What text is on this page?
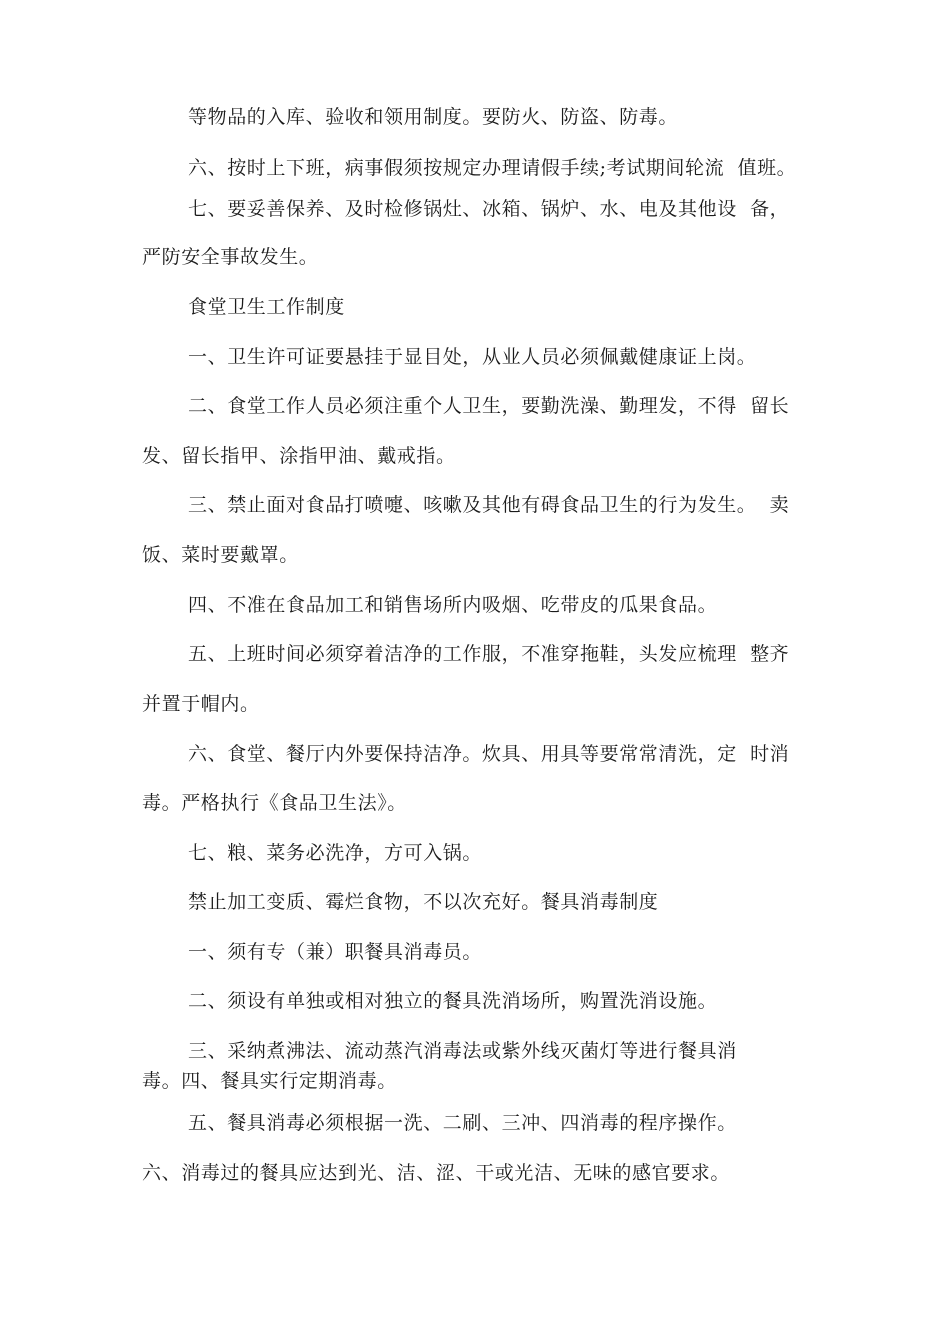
等物品的入库、验收和领用制度。要防火、防盗、防毒。
六、按时上下班，病事假须按规定办理请假手续;考试期间轮流  值班。
七、要妥善保养、及时检修锅灶、冰箱、锅炉、水、电及其他设  备，
严防安全事故发生。
食堂卫生工作制度
一、卫生许可证要悬挂于显目处，从业人员必须佩戴健康证上岗。
二、食堂工作人员必须注重个人卫生，要勤洗澡、勤理发，不得  留长
发、留长指甲、涂指甲油、戴戒指。
三、禁止面对食品打喷嚏、咳嗽及其他有碍食品卫生的行为发生。  卖
饭、菜时要戴罩。
四、不准在食品加工和销售场所内吸烟、吃带皮的瓜果食品。
五、上班时间必须穿着洁净的工作服，不准穿拖鞋，头发应梳理  整齐
并置于帽内。
六、食堂、餐厅内外要保持洁净。炊具、用具等要常常清洗，定  时消
毒。严格执行《食品卫生法》。
七、粮、菜务必洗净，方可入锅。
禁止加工变质、霉烂食物，不以次充好。餐具消毒制度
一、须有专（兼）职餐具消毒员。
二、须设有单独或相对独立的餐具洗消场所，购置洗消设施。
三、采纳煮沸法、流动蒸汽消毒法或紫外线灭菌灯等进行餐具消
毒。四、餐具实行定期消毒。
五、餐具消毒必须根据一洗、二刷、三冲、四消毒的程序操作。
六、消毒过的餐具应达到光、洁、涩、干或光洁、无味的感官要求。
